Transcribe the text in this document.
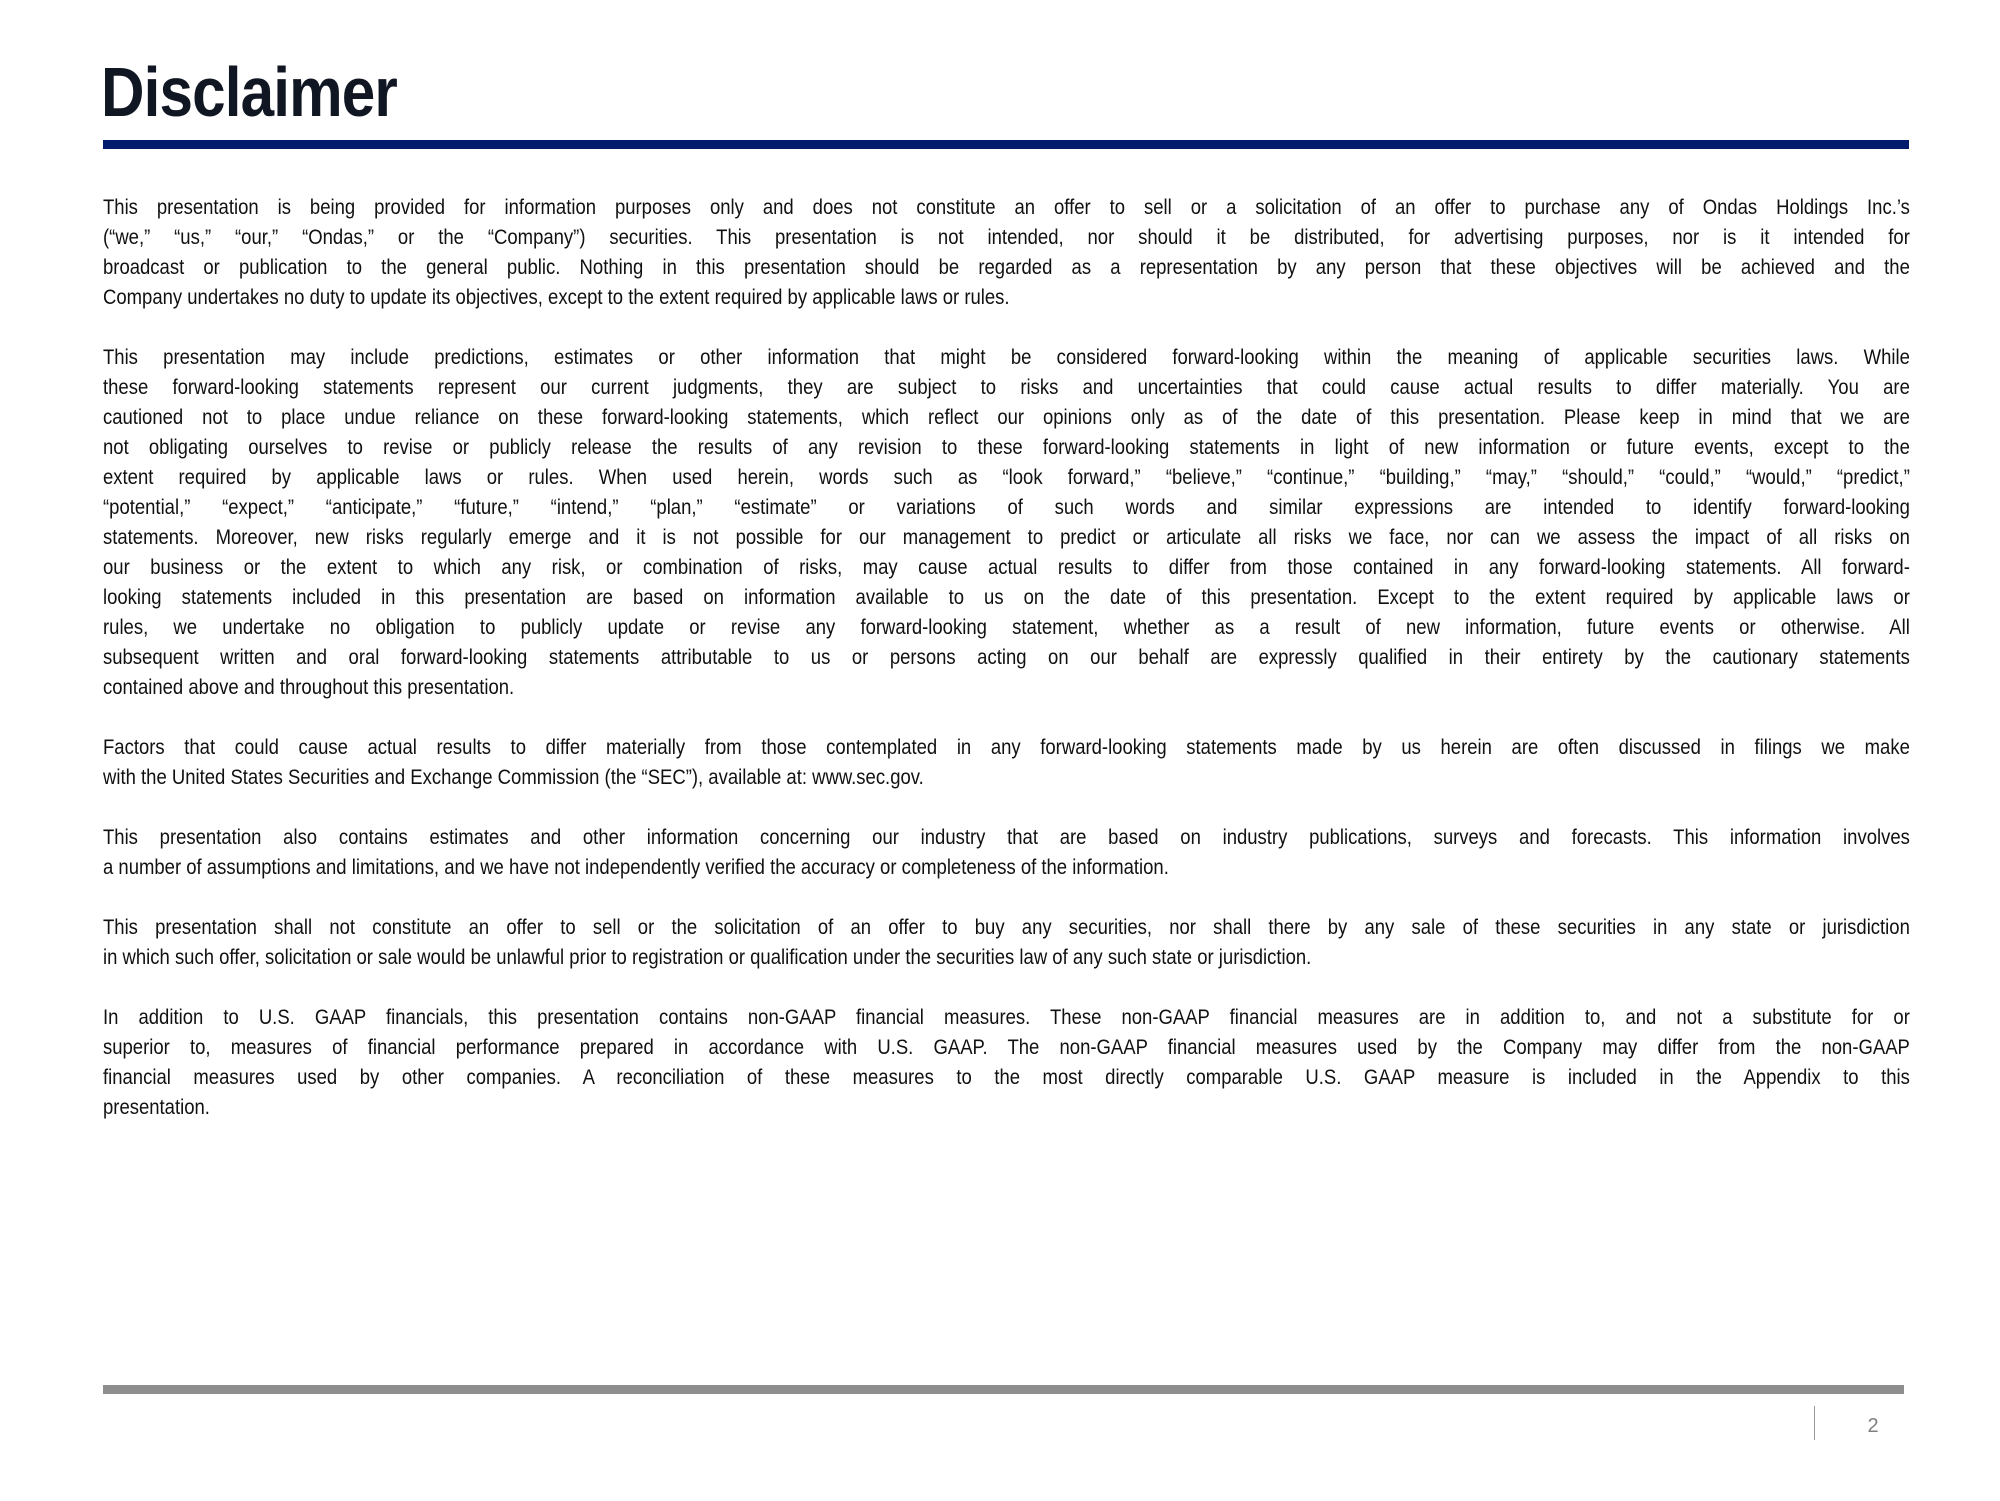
Disclaimer
This presentation is being provided for information purposes only and does not constitute an offer to sell or a solicitation of an offer to purchase any of Ondas Holdings Inc.’s
(“we,” “us,” “our,” “Ondas,” or the “Company”) securities. This presentation is not intended, nor should it be distributed, for advertising purposes, nor is it intended for
broadcast or publication to the general public. Nothing in this presentation should be regarded as a representation by any person that these objectives will be achieved and the
Company undertakes no duty to update its objectives, except to the extent required by applicable laws or rules.
This presentation may include predictions, estimates or other information that might be considered forward-looking within the meaning of applicable securities laws. While
these forward-looking statements represent our current judgments, they are subject to risks and uncertainties that could cause actual results to differ materially. You are
cautioned not to place undue reliance on these forward-looking statements, which reflect our opinions only as of the date of this presentation. Please keep in mind that we are
not obligating ourselves to revise or publicly release the results of any revision to these forward-looking statements in light of new information or future events, except to the
extent required by applicable laws or rules. When used herein, words such as “look forward,” “believe,” “continue,” “building,” “may,” “should,” “could,” “would,” “predict,”
“potential,” “expect,” “anticipate,” “future,” “intend,” “plan,” “estimate” or variations of such words and similar expressions are intended to identify forward-looking
statements. Moreover, new risks regularly emerge and it is not possible for our management to predict or articulate all risks we face, nor can we assess the impact of all risks on
our business or the extent to which any risk, or combination of risks, may cause actual results to differ from those contained in any forward-looking statements. All forward-
looking statements included in this presentation are based on information available to us on the date of this presentation. Except to the extent required by applicable laws or
rules, we undertake no obligation to publicly update or revise any forward-looking statement, whether as a result of new information, future events or otherwise. All
subsequent written and oral forward-looking statements attributable to us or persons acting on our behalf are expressly qualified in their entirety by the cautionary statements
contained above and throughout this presentation.
Factors that could cause actual results to differ materially from those contemplated in any forward-looking statements made by us herein are often discussed in filings we make
with the United States Securities and Exchange Commission (the “SEC”), available at: www.sec.gov.
This presentation also contains estimates and other information concerning our industry that are based on industry publications, surveys and forecasts. This information involves
a number of assumptions and limitations, and we have not independently verified the accuracy or completeness of the information.
This presentation shall not constitute an offer to sell or the solicitation of an offer to buy any securities, nor shall there by any sale of these securities in any state or jurisdiction
in which such offer, solicitation or sale would be unlawful prior to registration or qualification under the securities law of any such state or jurisdiction.
In addition to U.S. GAAP financials, this presentation contains non-GAAP financial measures. These non-GAAP financial measures are in addition to, and not a substitute for or
superior to, measures of financial performance prepared in accordance with U.S. GAAP. The non-GAAP financial measures used by the Company may differ from the non-GAAP
financial measures used by other companies. A reconciliation of these measures to the most directly comparable U.S. GAAP measure is included in the Appendix to this
presentation.
2
